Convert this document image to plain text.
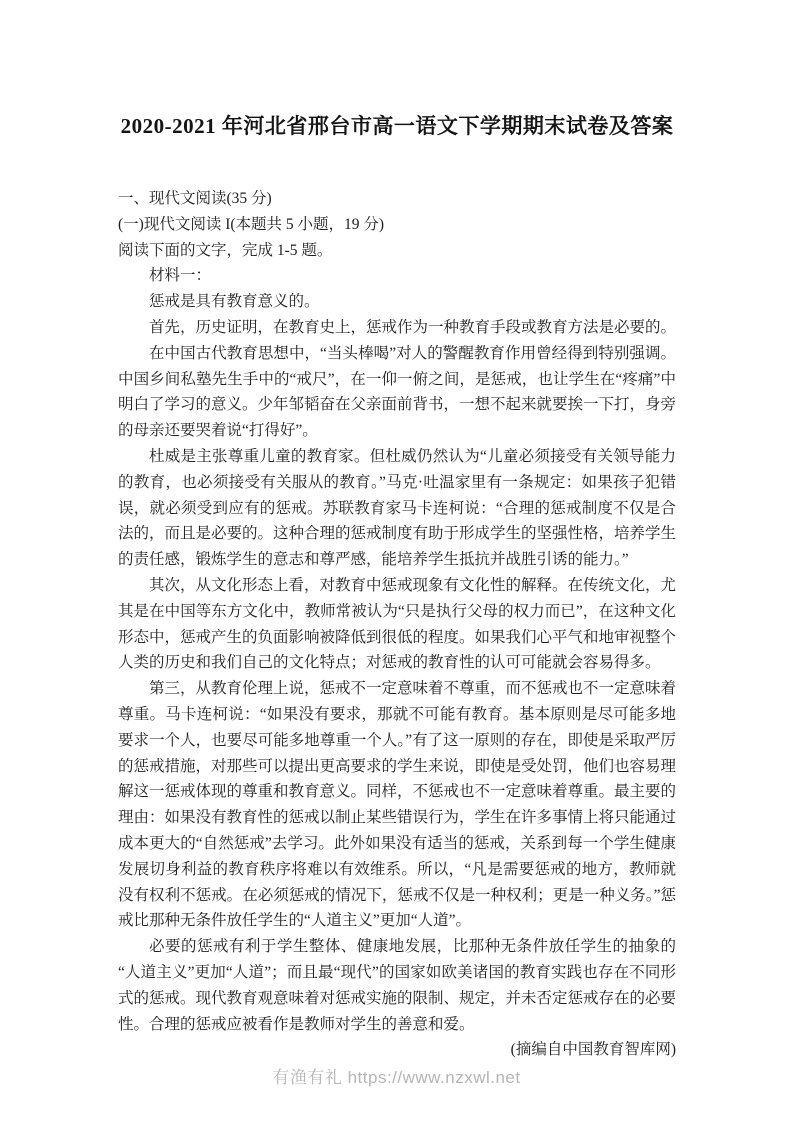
2020-2021 年河北省邢台市高一语文下学期期末试卷及答案

一、现代文阅读(35 分)

(一)现代文阅读 I(本题共 5 小题，19 分)

阅读下面的文字，完成 1-5 题。

材料一：

惩戒是具有教育意义的。

首先，历史证明，在教育史上，惩戒作为一种教育手段或教育方法是必要的。

在中国古代教育思想中，“当头棒喝”对人的警醒教育作用曾经得到特别强调。中国乡间私塾先生手中的“戒尺”，在一仰一俯之间，是惩戒，也让学生在“疼痛”中明白了学习的意义。少年邹韬奋在父亲面前背书，一想不起来就要挨一下打，身旁的母亲还要哭着说“打得好”。

杜威是主张尊重儿童的教育家。但杜威仍然认为“儿童必须接受有关领导能力的教育，也必须接受有关服从的教育。”马克·吐温家里有一条规定：如果孩子犯错误，就必须受到应有的惩戒。苏联教育家马卡连柯说：“合理的惩戒制度不仅是合法的，而且是必要的。这种合理的惩戒制度有助于形成学生的坚强性格，培养学生的责任感，锻炼学生的意志和尊严感，能培养学生抵抗并战胜引诱的能力。”

其次，从文化形态上看，对教育中惩戒现象有文化性的解释。在传统文化，尤其是在中国等东方文化中，教师常被认为“只是执行父母的权力而已”，在这种文化形态中，惩戒产生的负面影响被降低到很低的程度。如果我们心平气和地审视整个人类的历史和我们自己的文化特点；对惩戒的教育性的认可可能就会容易得多。

第三，从教育伦理上说，惩戒不一定意味着不尊重，而不惩戒也不一定意味着尊重。马卡连柯说：“如果没有要求，那就不可能有教育。基本原则是尽可能多地要求一个人，也要尽可能多地尊重一个人。”有了这一原则的存在，即使是采取严厉的惩戒措施，对那些可以提出更高要求的学生来说，即使是受处罚，他们也容易理解这一惩戒体现的尊重和教育意义。同样，不惩戒也不一定意味着尊重。最主要的理由：如果没有教育性的惩戒以制止某些错误行为，学生在许多事情上将只能通过成本更大的“自然惩戒”去学习。此外如果没有适当的惩戒，关系到每一个学生健康发展切身利益的教育秩序将难以有效维系。所以，“凡是需要惩戒的地方，教师就没有权利不惩戒。在必须惩戒的情况下，惩戒不仅是一种权利；更是一种义务。”惩戒比那种无条件放任学生的“人道主义”更加“人道”。

必要的惩戒有利于学生整体、健康地发展，比那种无条件放任学生的抽象的“人道主义”更加“人道”；而且最“现代”的国家如欧美诸国的教育实践也存在不同形式的惩戒。现代教育观意味着对惩戒实施的限制、规定，并未否定惩戒存在的必要性。合理的惩戒应被看作是教师对学生的善意和爱。

(摘编自中国教育智库网)

有渔有礼 https://www.nzxwl.net
